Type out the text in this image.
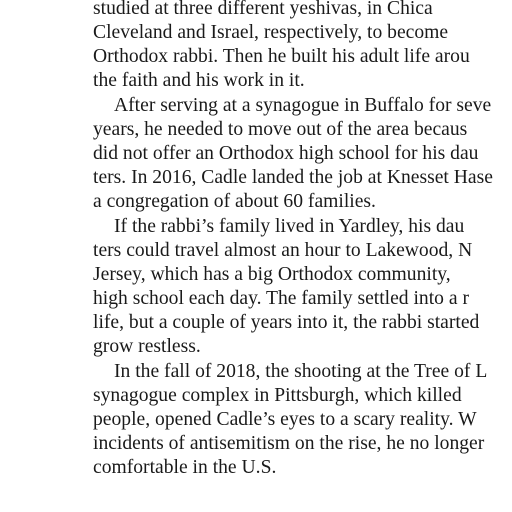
studied at three different yeshivas, in Chica
Cleveland and Israel, respectively, to become
Orthodox rabbi. Then he built his adult life arou
the faith and his work in it.
After serving at a synagogue in Buffalo for seve
years, he needed to move out of the area becaus
did not offer an Orthodox high school for his dau
ters. In 2016, Cadle landed the job at Knesset Hase
a congregation of about 60 families.
If the rabbi’s family lived in Yardley, his dau
ters could travel almost an hour to Lakewood, N
Jersey, which has a big Orthodox community,
high school each day. The family settled into a r
life, but a couple of years into it, the rabbi started
grow restless.
In the fall of 2018, the shooting at the Tree of L
synagogue complex in Pittsburgh, which killed
people, opened Cadle’s eyes to a scary reality. W
incidents of antisemitism on the rise, he no longer
comfortable in the U.S.
